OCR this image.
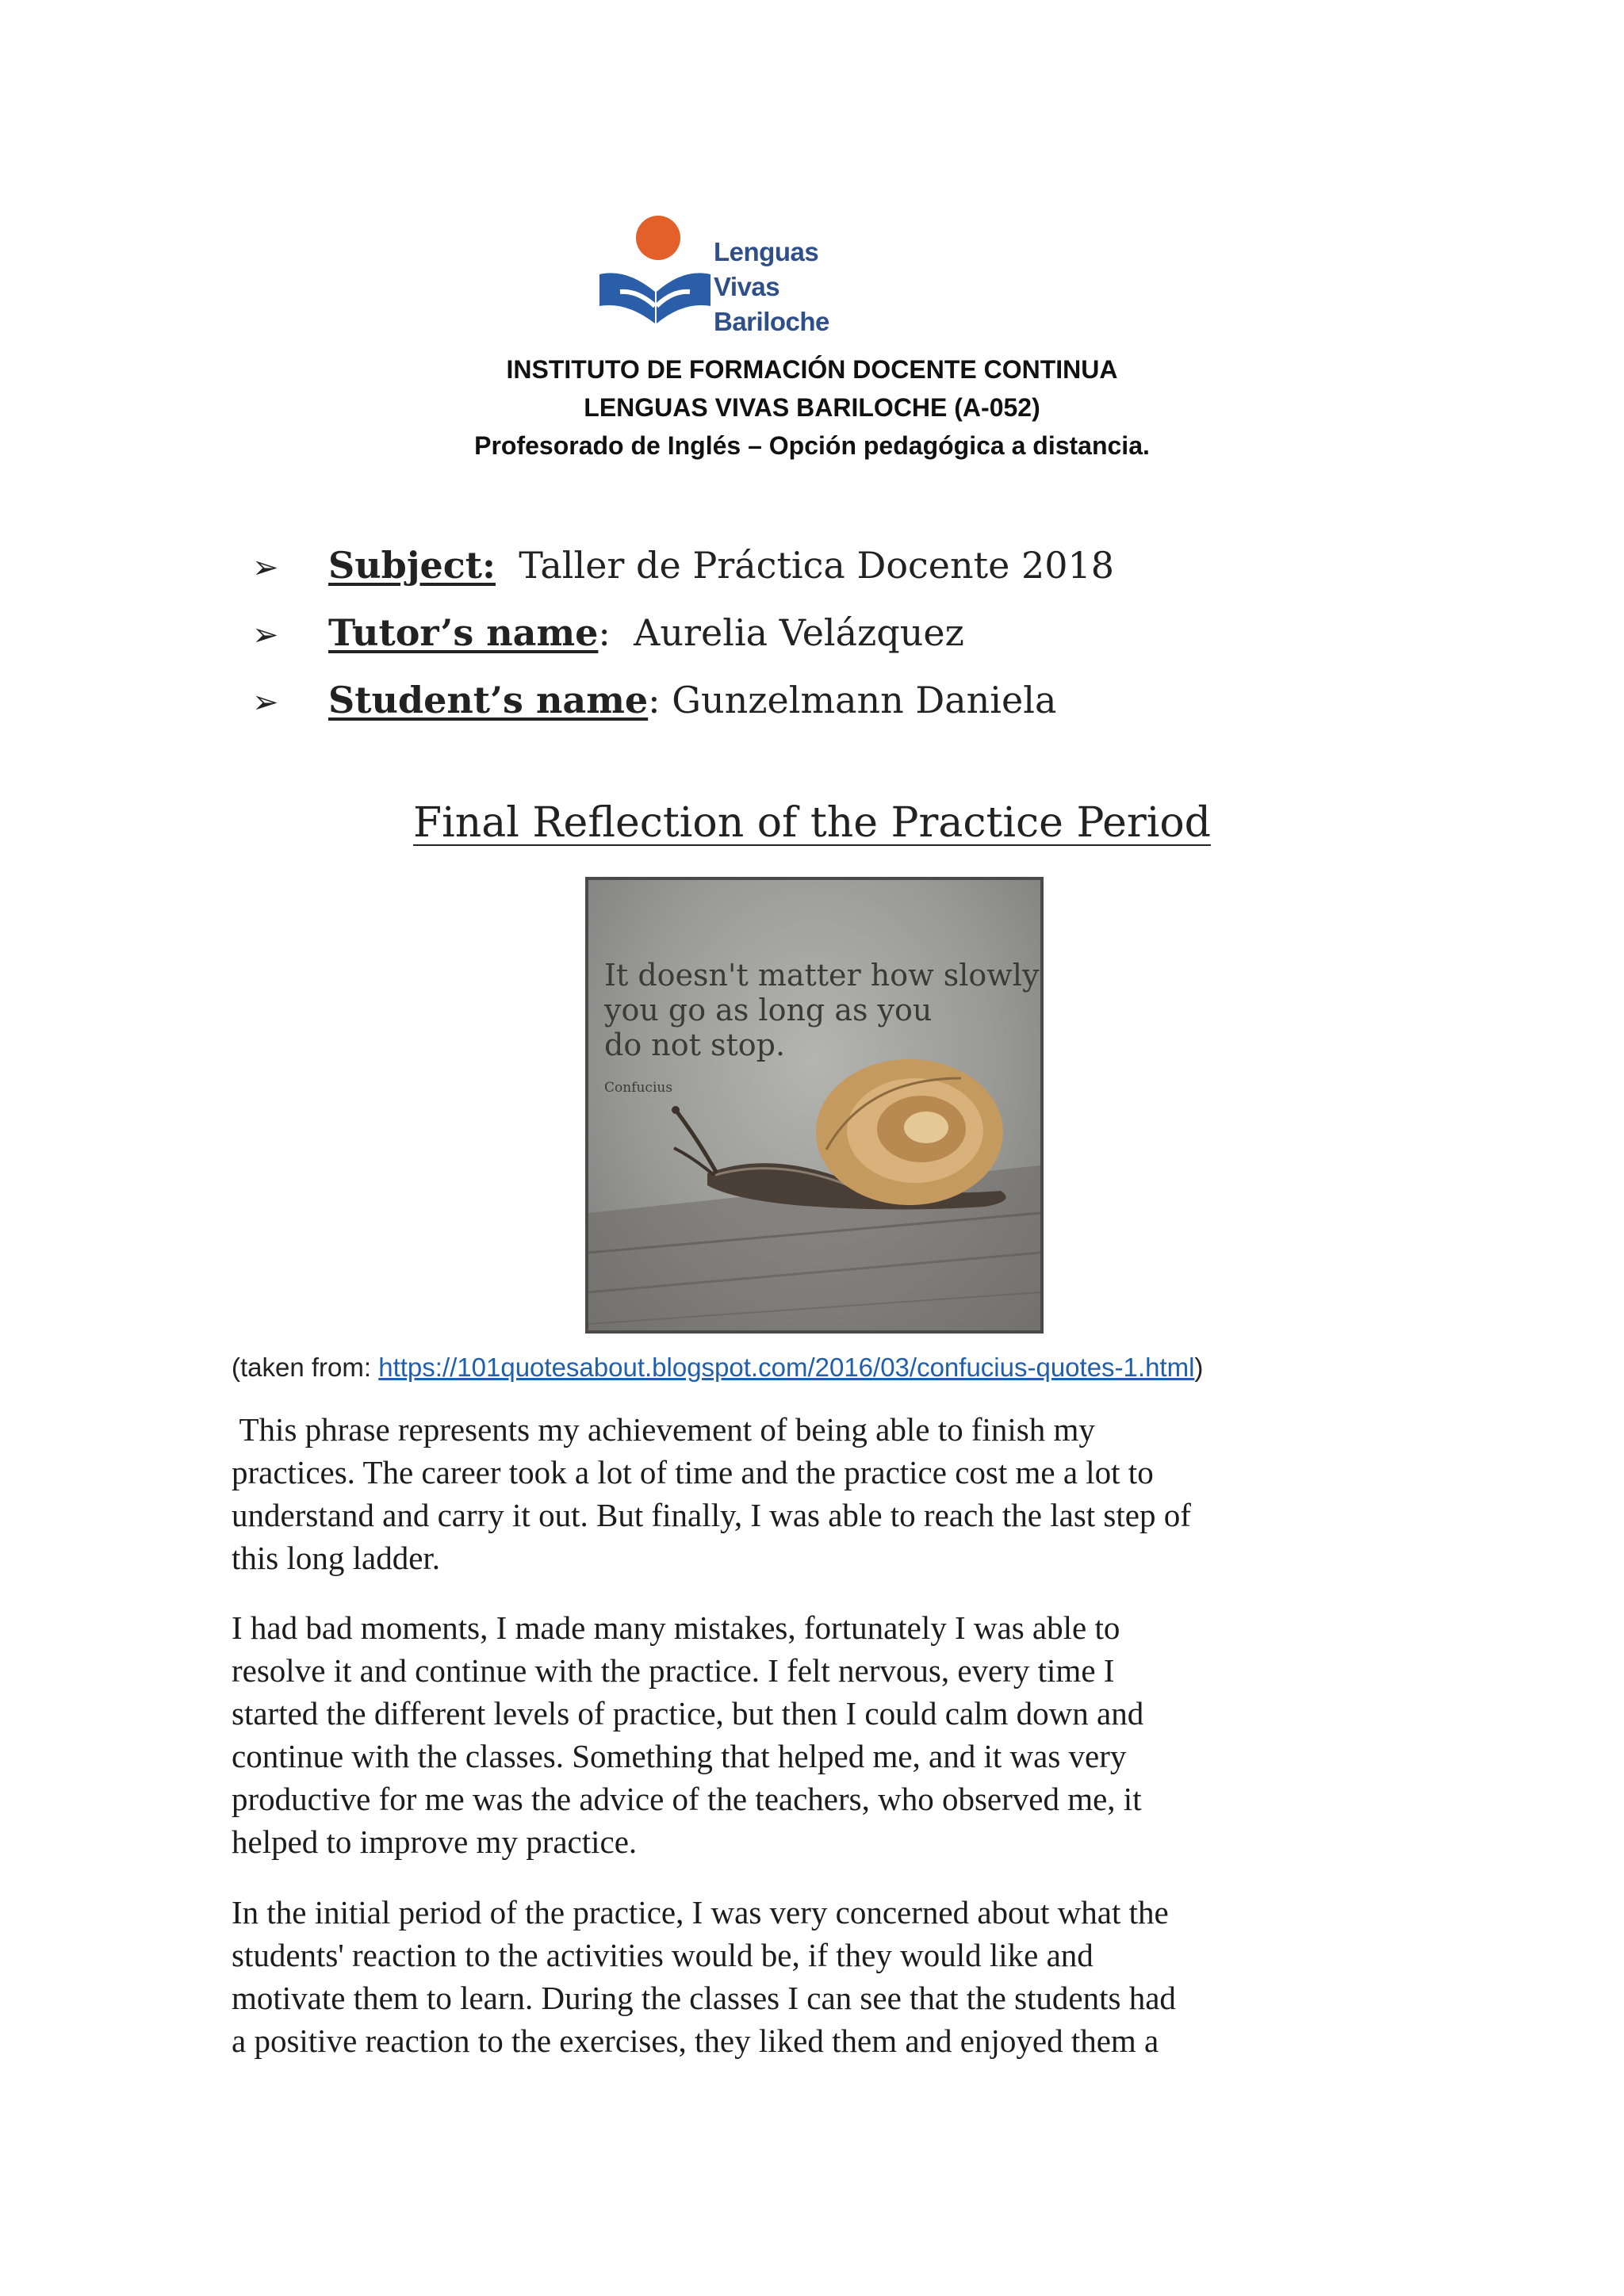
Lenguas Vivas
Bariloche
INSTITUTO DE FORMACIÓN DOCENTE CONTINUA
LENGUAS VIVAS BARILOCHE (A-052)
Profesorado de Inglés – Opción pedagógica a distancia.
➢	Subject:
Taller de Práctica Docente 2018
➢	Tutor’s name : Aurelia Velázquez
➢	Student’s name : Gunzelmann Daniela
Final Reflection of the Practice Period
It doesn't matter how slowly
you go as long as you
do not stop.
Confucius
(taken from: https://101quotesabout.blogspot.com/2016/03/confucius-quotes-1.html)
This phrase represents my achievement of being able to finish my
practices. The career took a lot of time and the practice cost me a lot to
understand and carry it out. But finally, I was able to reach the last step of
this long ladder.
I had bad moments, I made many mistakes, fortunately I was able to
resolve it and continue with the practice. I felt nervous, every time I
started the different levels of practice, but then I could calm down and
continue with the classes. Something that helped me, and it was very
productive for me was the advice of the teachers, who observed me, it
helped to improve my practice.
In the initial period of the practice, I was very concerned about what the
students' reaction to the activities would be, if they would like and
motivate them to learn. During the classes I can see that the students had
a positive reaction to the exercises, they liked them and enjoyed them a
